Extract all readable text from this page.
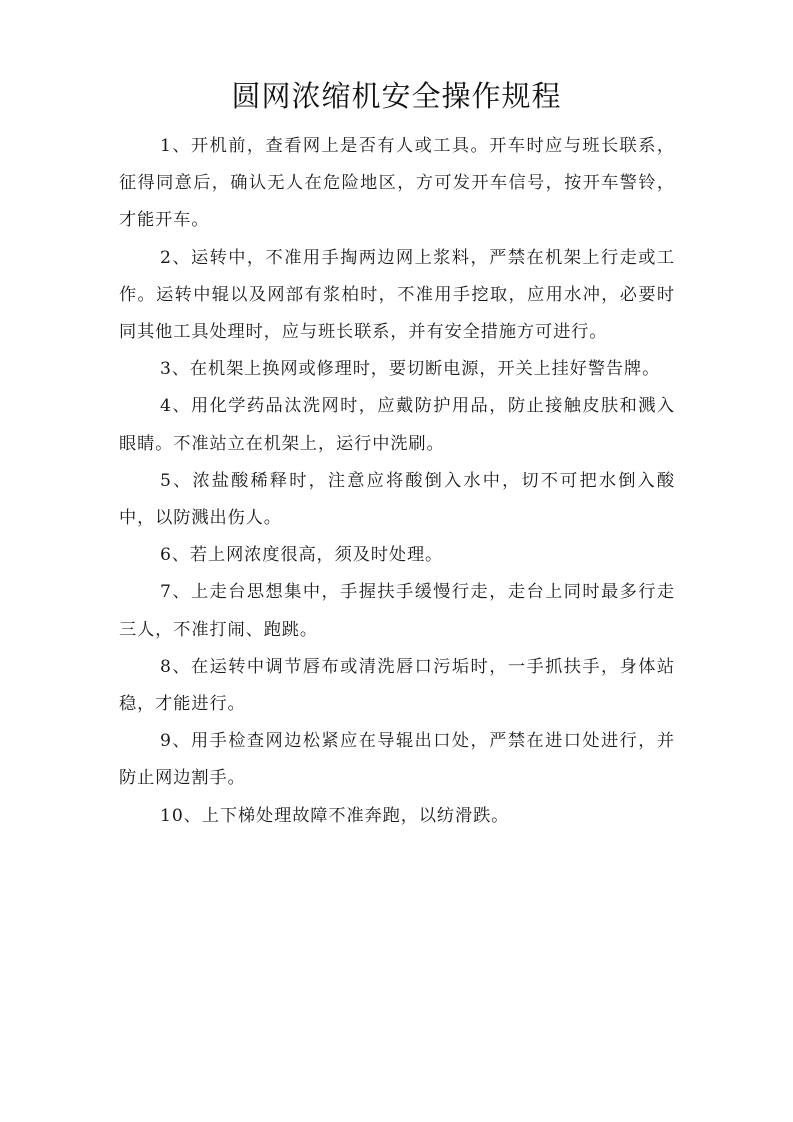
圆网浓缩机安全操作规程

1、开机前，查看网上是否有人或工具。开车时应与班长联系，征得同意后，确认无人在危险地区，方可发开车信号，按开车警铃，才能开车。

2、运转中，不准用手掏两边网上浆料，严禁在机架上行走或工作。运转中辊以及网部有浆柏时，不准用手挖取，应用水冲，必要时同其他工具处理时，应与班长联系，并有安全措施方可进行。

3、在机架上换网或修理时，要切断电源，开关上挂好警告牌。

4、用化学药品汰洗网时，应戴防护用品，防止接触皮肤和溅入眼睛。不准站立在机架上，运行中洗刷。

5、浓盐酸稀释时，注意应将酸倒入水中，切不可把水倒入酸中，以防溅出伤人。

6、若上网浓度很高，须及时处理。

7、上走台思想集中，手握扶手缓慢行走，走台上同时最多行走三人，不准打闹、跑跳。

8、在运转中调节唇布或清洗唇口污垢时，一手抓扶手，身体站稳，才能进行。

9、用手检查网边松紧应在导辊出口处，严禁在进口处进行，并防止网边割手。

10、上下梯处理故障不准奔跑，以纺滑跌。
